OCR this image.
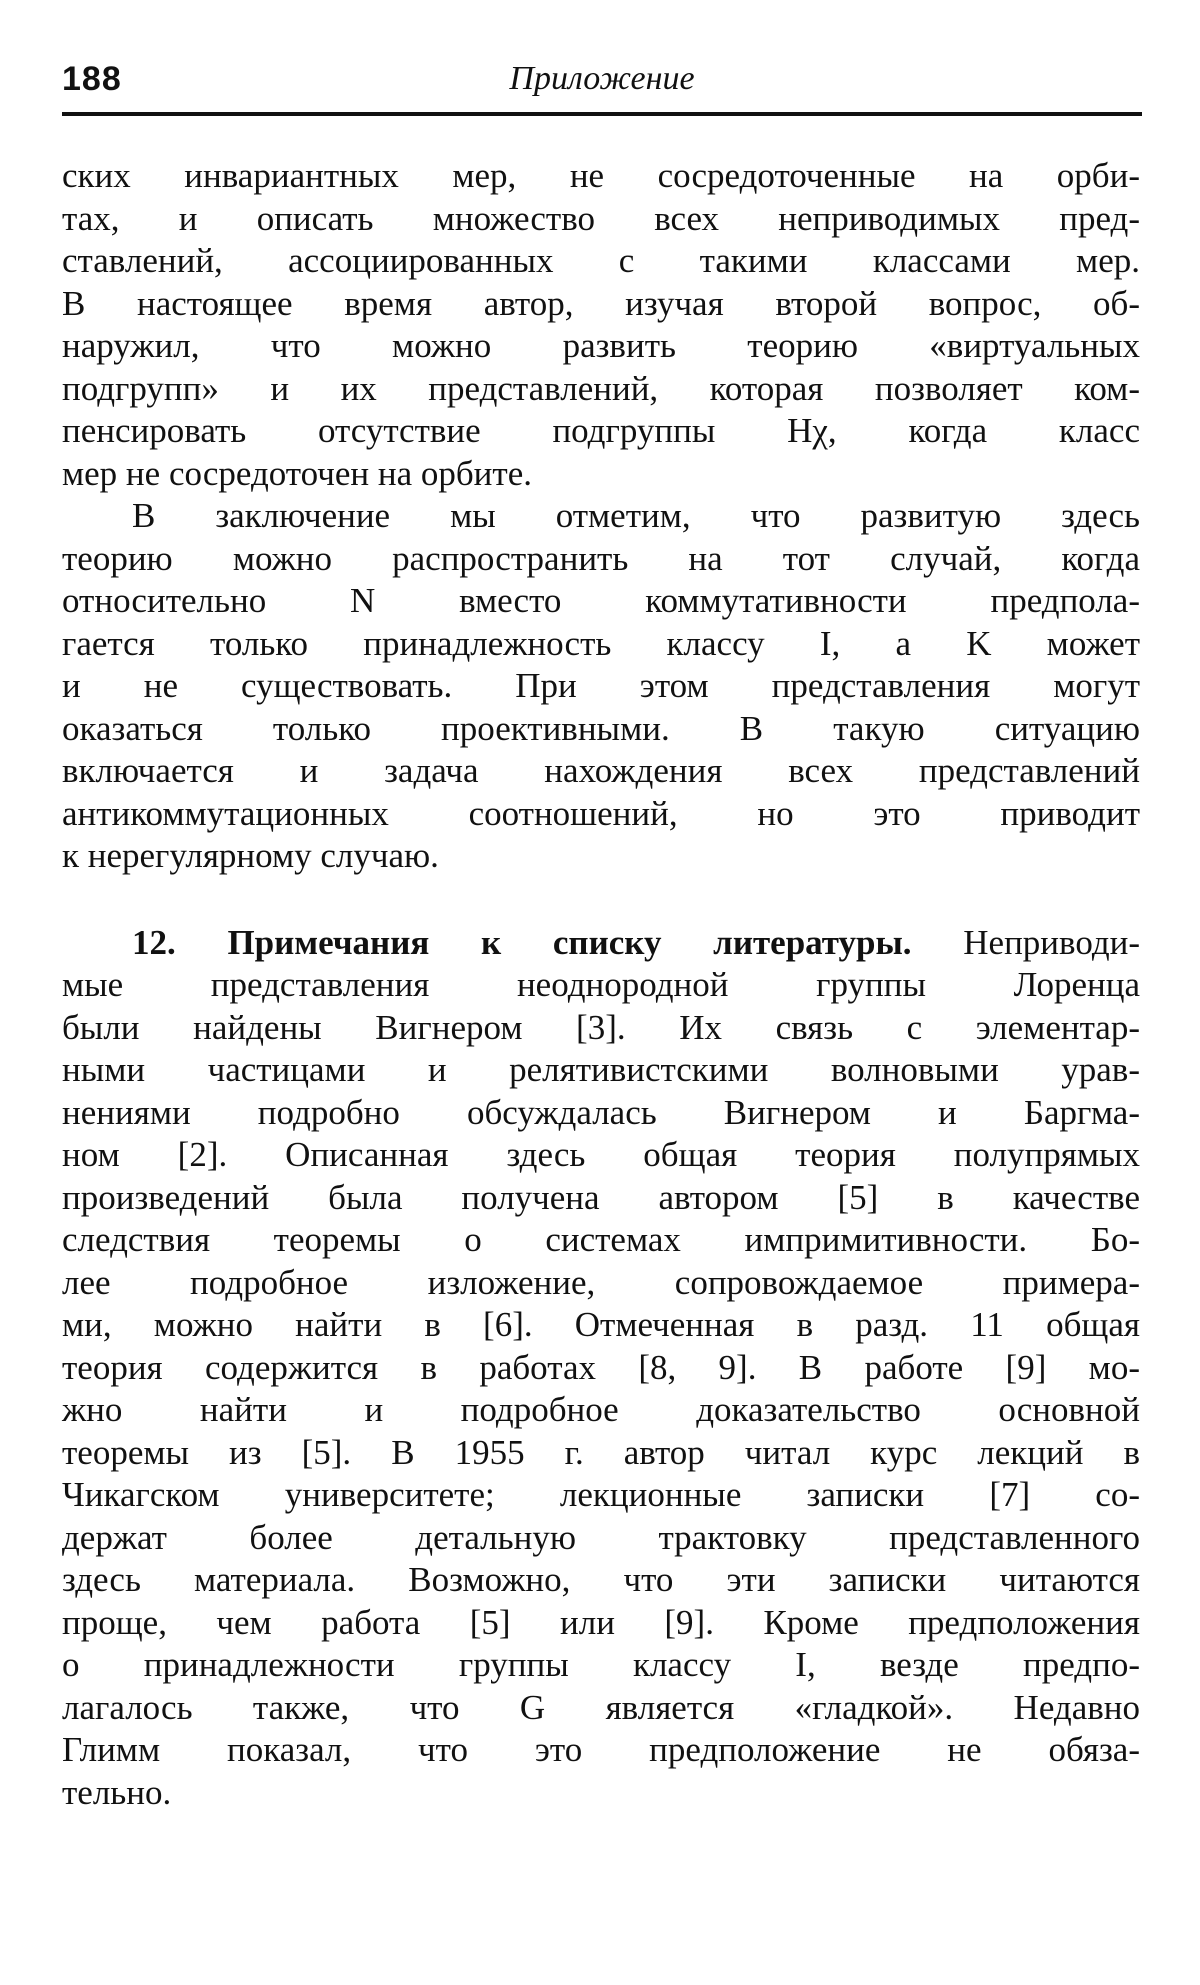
188	Приложение
ских инвариантных мер, не сосредоточенные на орби-
тах, и описать множество всех неприводимых пред-
ставлений, ассоциированных с такими классами мер.
В настоящее время автор, изучая второй вопрос, об-
наружил, что можно развить теорию «виртуальных
подгрупп» и их представлений, которая позволяет ком-
пенсировать отсутствие подгруппы Hχ, когда класс
мер не сосредоточен на орбите.
В заключение мы отметим, что развитую здесь
теорию можно распространить на тот случай, когда
относительно N вместо коммутативности предпола-
гается только принадлежность классу I, а K может
и не существовать. При этом представления могут
оказаться только проективными. В такую ситуацию
включается и задача нахождения всех представлений
антикоммутационных соотношений, но это приводит
к нерегулярному случаю.
12. Примечания к списку литературы. Неприводи-
мые представления неоднородной группы Лоренца
были найдены Вигнером [3]. Их связь с элементар-
ными частицами и релятивистскими волновыми урав-
нениями подробно обсуждалась Вигнером и Баргма-
ном [2]. Описанная здесь общая теория полупрямых
произведений была получена автором [5] в качестве
следствия теоремы о системах импримитивности. Бо-
лее подробное изложение, сопровождаемое примера-
ми, можно найти в [6]. Отмеченная в разд. 11 общая
теория содержится в работах [8, 9]. В работе [9] мо-
жно найти и подробное доказательство основной
теоремы из [5]. В 1955 г. автор читал курс лекций в
Чикагском университете; лекционные записки [7] со-
держат более детальную трактовку представленного
здесь материала. Возможно, что эти записки читаются
проще, чем работа [5] или [9]. Кроме предположения
о принадлежности группы классу I, везде предпо-
лагалось также, что G является «гладкой». Недавно
Глимм показал, что это предположение не обяза-
тельно.
